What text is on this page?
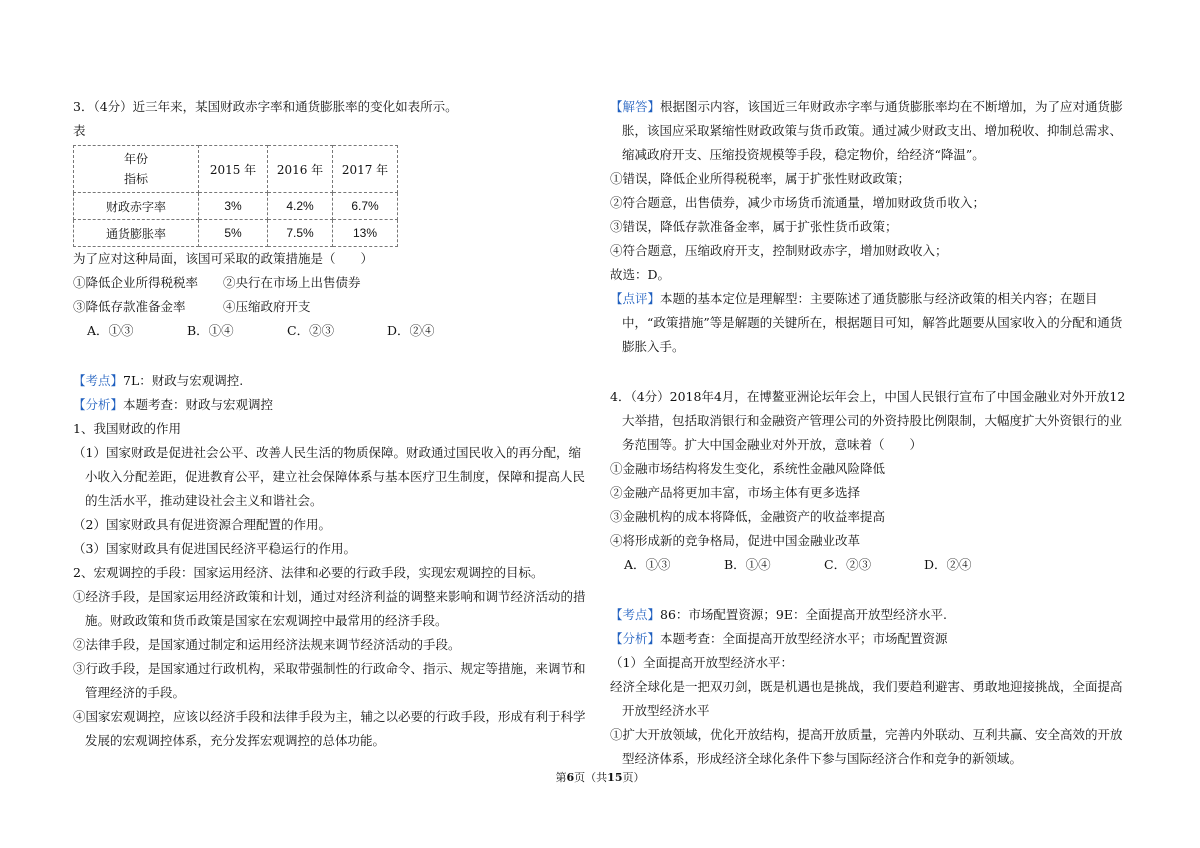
3．（4分）近三年来，某国财政赤字率和通货膨胀率的变化如表所示。
表
年份
指标	2015 年	2016 年	2017 年
财政赤字率	3%	4.2%	6.7%
通货膨胀率	5%	7.5%	13%
为了应对这种局面，该国可采取的政策措施是（　　）
①降低企业所得税税率　　②央行在市场上出售债券
③降低存款准备金率　　　④压缩政府开支
A．①③	B．①④	C．②③	D．②④
【考点】7L：财政与宏观调控.
【分析】本题考查：财政与宏观调控
1、我国财政的作用
（1）国家财政是促进社会公平、改善人民生活的物质保障。财政通过国民收入的再分配，缩小收入分配差距，促进教育公平，建立社会保障体系与基本医疗卫生制度，保障和提高人民的生活水平，推动建设社会主义和谐社会。
（2）国家财政具有促进资源合理配置的作用。
（3）国家财政具有促进国民经济平稳运行的作用。
2、宏观调控的手段：国家运用经济、法律和必要的行政手段，实现宏观调控的目标。
①经济手段，是国家运用经济政策和计划，通过对经济利益的调整来影响和调节经济活动的措施。财政政策和货币政策是国家在宏观调控中最常用的经济手段。
②法律手段，是国家通过制定和运用经济法规来调节经济活动的手段。
③行政手段，是国家通过行政机构，采取带强制性的行政命令、指示、规定等措施，来调节和管理经济的手段。
④国家宏观调控，应该以经济手段和法律手段为主，辅之以必要的行政手段，形成有利于科学发展的宏观调控体系，充分发挥宏观调控的总体功能。
【解答】根据图示内容，该国近三年财政赤字率与通货膨胀率均在不断增加，为了应对通货膨胀，该国应采取紧缩性财政政策与货币政策。通过减少财政支出、增加税收、抑制总需求、缩减政府开支、压缩投资规模等手段，稳定物价，给经济“降温”。
①错误，降低企业所得税税率，属于扩张性财政政策；
②符合题意，出售债券，减少市场货币流通量，增加财政货币收入；
③错误，降低存款准备金率，属于扩张性货币政策；
④符合题意，压缩政府开支，控制财政赤字，增加财政收入；
故选：D。
【点评】本题的基本定位是理解型：主要陈述了通货膨胀与经济政策的相关内容；在题目中，“政策措施”等是解题的关键所在，根据题目可知，解答此题要从国家收入的分配和通货膨胀入手。
4．（4分）2018年4月，在博鳌亚洲论坛年会上，中国人民银行宣布了中国金融业对外开放12大举措，包括取消银行和金融资产管理公司的外资持股比例限制，大幅度扩大外资银行的业务范围等。扩大中国金融业对外开放，意味着（　　）
①金融市场结构将发生变化，系统性金融风险降低
②金融产品将更加丰富，市场主体有更多选择
③金融机构的成本将降低，金融资产的收益率提高
④将形成新的竞争格局，促进中国金融业改革
A．①③	B．①④	C．②③	D．②④
【考点】86：市场配置资源；9E：全面提高开放型经济水平.
【分析】本题考查：全面提高开放型经济水平；市场配置资源
（1）全面提高开放型经济水平：
经济全球化是一把双刃剑，既是机遇也是挑战，我们要趋利避害、勇敢地迎接挑战，全面提高开放型经济水平
①扩大开放领域，优化开放结构，提高开放质量，完善内外联动、互利共赢、安全高效的开放型经济体系，形成经济全球化条件下参与国际经济合作和竞争的新领域。
第6页（共15页）
